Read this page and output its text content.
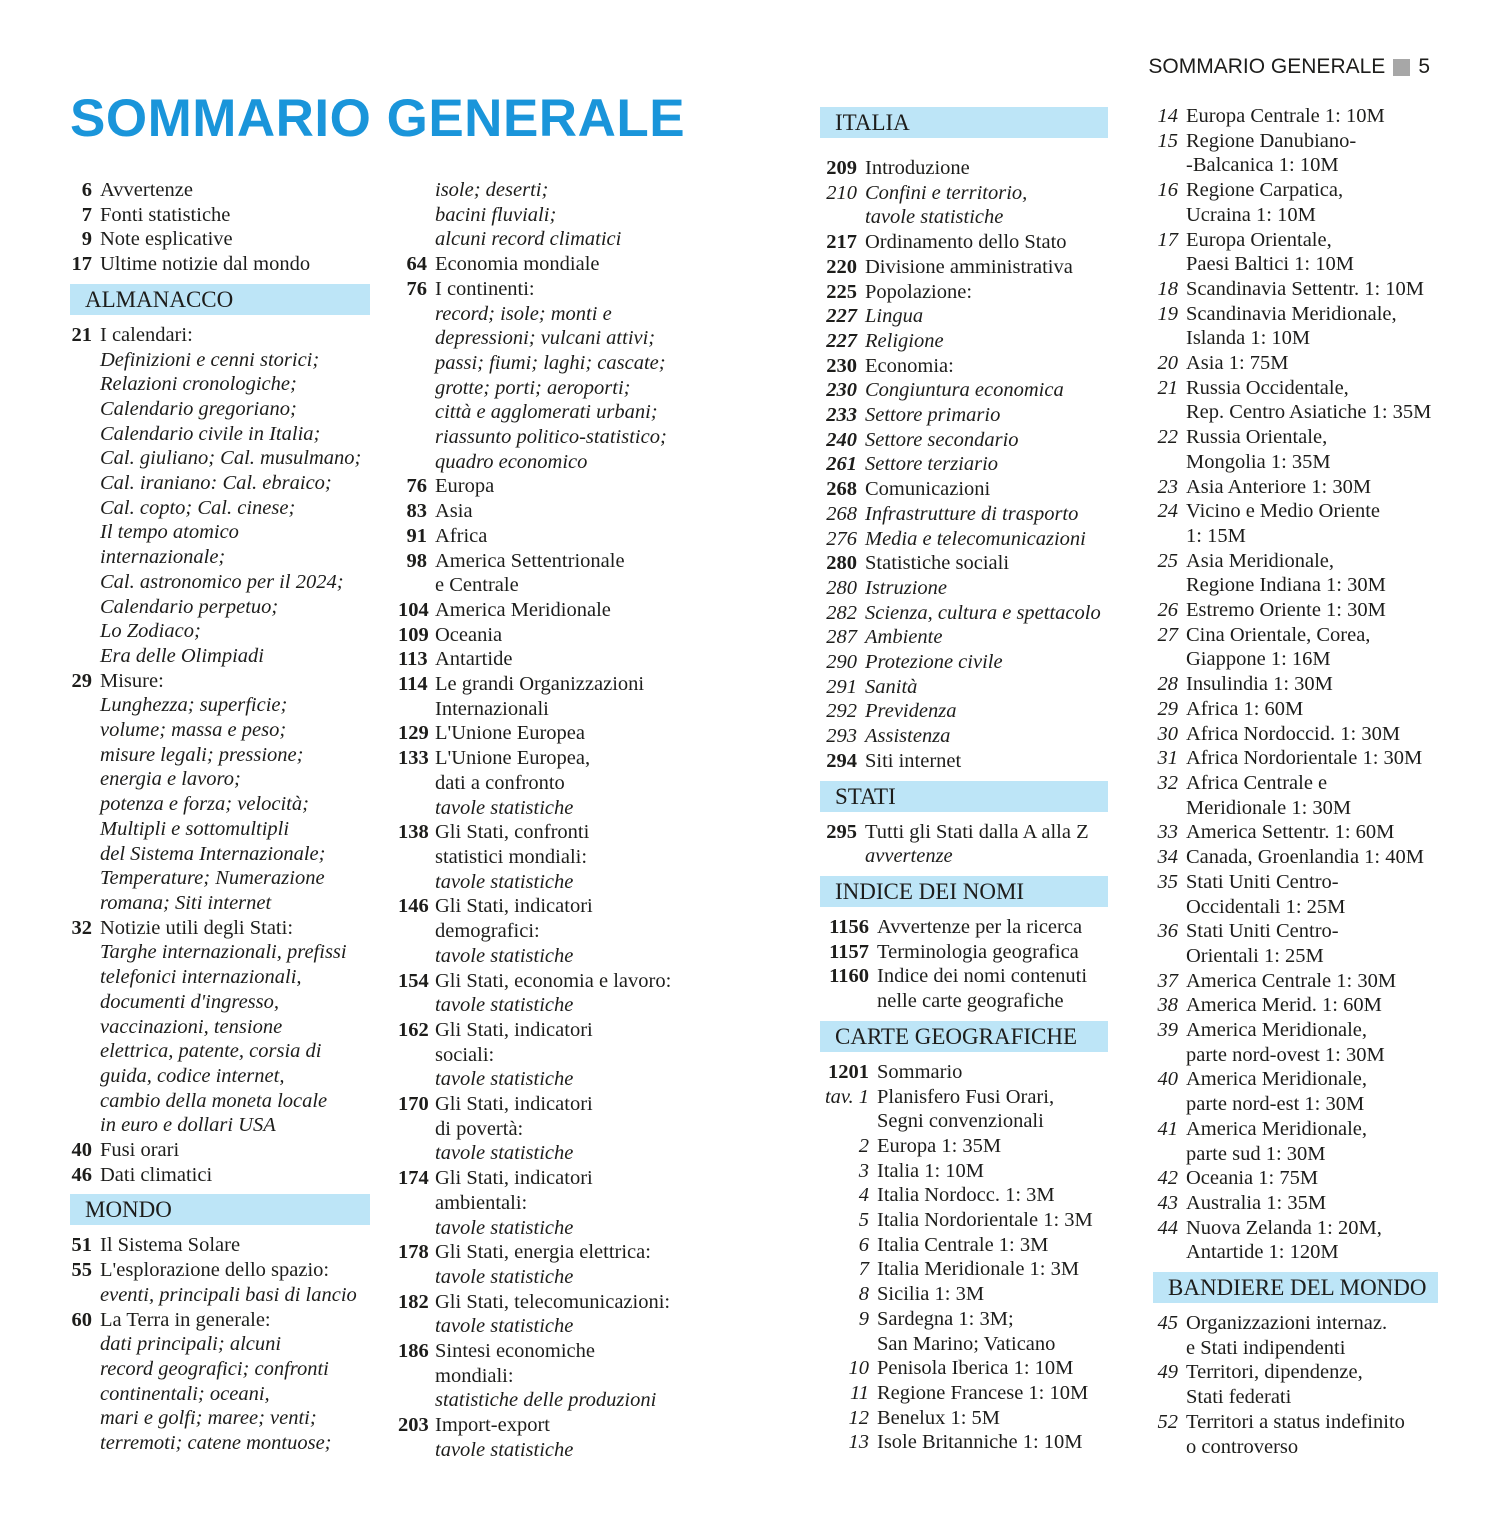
SOMMARIO GENERALE 5
SOMMARIO GENERALE
6 Avvertenze
7 Fonti statistiche
9 Note esplicative
17 Ultime notizie dal mondo
ALMANACCO
21 I calendari:
Definizioni e cenni storici;
Relazioni cronologiche;
Calendario gregoriano;
Calendario civile in Italia;
Cal. giuliano; Cal. musulmano;
Cal. iraniano: Cal. ebraico;
Cal. copto; Cal. cinese;
Il tempo atomico
internazionale;
Cal. astronomico per il 2024;
Calendario perpetuo;
Lo Zodiaco;
Era delle Olimpiadi
29 Misure:
Lunghezza; superficie;
volume; massa e peso;
misure legali; pressione;
energia e lavoro;
potenza e forza; velocità;
Multipli e sottomultipli
del Sistema Internazionale;
Temperature; Numerazione
romana; Siti internet
32 Notizie utili degli Stati:
Targhe internazionali, prefissi
telefonici internazionali,
documenti d'ingresso,
vaccinazioni, tensione
elettrica, patente, corsia di
guida, codice internet,
cambio della moneta locale
in euro e dollari USA
40 Fusi orari
46 Dati climatici
MONDO
51 Il Sistema Solare
55 L'esplorazione dello spazio:
eventi, principali basi di lancio
60 La Terra in generale:
dati principali; alcuni
record geografici; confronti
continentali; oceani,
mari e golfi; maree; venti;
terremoti; catene montuose;
isole; deserti;
bacini fluviali;
alcuni record climatici
64 Economia mondiale
76 I continenti:
record; isole; monti e
depressioni; vulcani attivi;
passi; fiumi; laghi; cascate;
grotte; porti; aeroporti;
città e agglomerati urbani;
riassunto politico-statistico;
quadro economico
76 Europa
83 Asia
91 Africa
98 America Settentrionale
e Centrale
104 America Meridionale
109 Oceania
113 Antartide
114 Le grandi Organizzazioni
Internazionali
129 L'Unione Europea
133 L'Unione Europea,
dati a confronto
tavole statistiche
138 Gli Stati, confronti
statistici mondiali:
tavole statistiche
146 Gli Stati, indicatori
demografici:
tavole statistiche
154 Gli Stati, economia e lavoro:
tavole statistiche
162 Gli Stati, indicatori
sociali:
tavole statistiche
170 Gli Stati, indicatori
di povertà:
tavole statistiche
174 Gli Stati, indicatori
ambientali:
tavole statistiche
178 Gli Stati, energia elettrica:
tavole statistiche
182 Gli Stati, telecomunicazioni:
tavole statistiche
186 Sintesi economiche
mondiali:
statistiche delle produzioni
203 Import-export
tavole statistiche
ITALIA
209 Introduzione
210 Confini e territorio,
tavole statistiche
217 Ordinamento dello Stato
220 Divisione amministrativa
225 Popolazione:
227 Lingua
227 Religione
230 Economia:
230 Congiuntura economica
233 Settore primario
240 Settore secondario
261 Settore terziario
268 Comunicazioni
268 Infrastrutture di trasporto
276 Media e telecomunicazioni
280 Statistiche sociali
280 Istruzione
282 Scienza, cultura e spettacolo
287 Ambiente
290 Protezione civile
291 Sanità
292 Previdenza
293 Assistenza
294 Siti internet
STATI
295 Tutti gli Stati dalla A alla Z
avvertenze
INDICE DEI NOMI
1156 Avvertenze per la ricerca
1157 Terminologia geografica
1160 Indice dei nomi contenuti
nelle carte geografiche
CARTE GEOGRAFICHE
1201 Sommario
tav. 1 Planisfero Fusi Orari,
Segni convenzionali
2 Europa 1: 35M
3 Italia 1: 10M
4 Italia Nordocc. 1: 3M
5 Italia Nordorientale 1: 3M
6 Italia Centrale 1: 3M
7 Italia Meridionale 1: 3M
8 Sicilia 1: 3M
9 Sardegna 1: 3M;
San Marino; Vaticano
10 Penisola Iberica 1: 10M
11 Regione Francese 1: 10M
12 Benelux 1: 5M
13 Isole Britanniche 1: 10M
14 Europa Centrale 1: 10M
15 Regione Danubiano-
-Balcanica 1: 10M
16 Regione Carpatica,
Ucraina 1: 10M
17 Europa Orientale,
Paesi Baltici 1: 10M
18 Scandinavia Settentr. 1: 10M
19 Scandinavia Meridionale,
Islanda 1: 10M
20 Asia 1: 75M
21 Russia Occidentale,
Rep. Centro Asiatiche 1: 35M
22 Russia Orientale,
Mongolia 1: 35M
23 Asia Anteriore 1: 30M
24 Vicino e Medio Oriente
1: 15M
25 Asia Meridionale,
Regione Indiana 1: 30M
26 Estremo Oriente 1: 30M
27 Cina Orientale, Corea,
Giappone 1: 16M
28 Insulindia 1: 30M
29 Africa 1: 60M
30 Africa Nordoccid. 1: 30M
31 Africa Nordorientale 1: 30M
32 Africa Centrale e
Meridionale 1: 30M
33 America Settentr. 1: 60M
34 Canada, Groenlandia 1: 40M
35 Stati Uniti Centro-
Occidentali 1: 25M
36 Stati Uniti Centro-
Orientali 1: 25M
37 America Centrale 1: 30M
38 America Merid. 1: 60M
39 America Meridionale,
parte nord-ovest 1: 30M
40 America Meridionale,
parte nord-est 1: 30M
41 America Meridionale,
parte sud 1: 30M
42 Oceania 1: 75M
43 Australia 1: 35M
44 Nuova Zelanda 1: 20M,
Antartide 1: 120M
BANDIERE DEL MONDO
45 Organizzazioni internaz.
e Stati indipendenti
49 Territori, dipendenze,
Stati federati
52 Territori a status indefinito
o controverso
